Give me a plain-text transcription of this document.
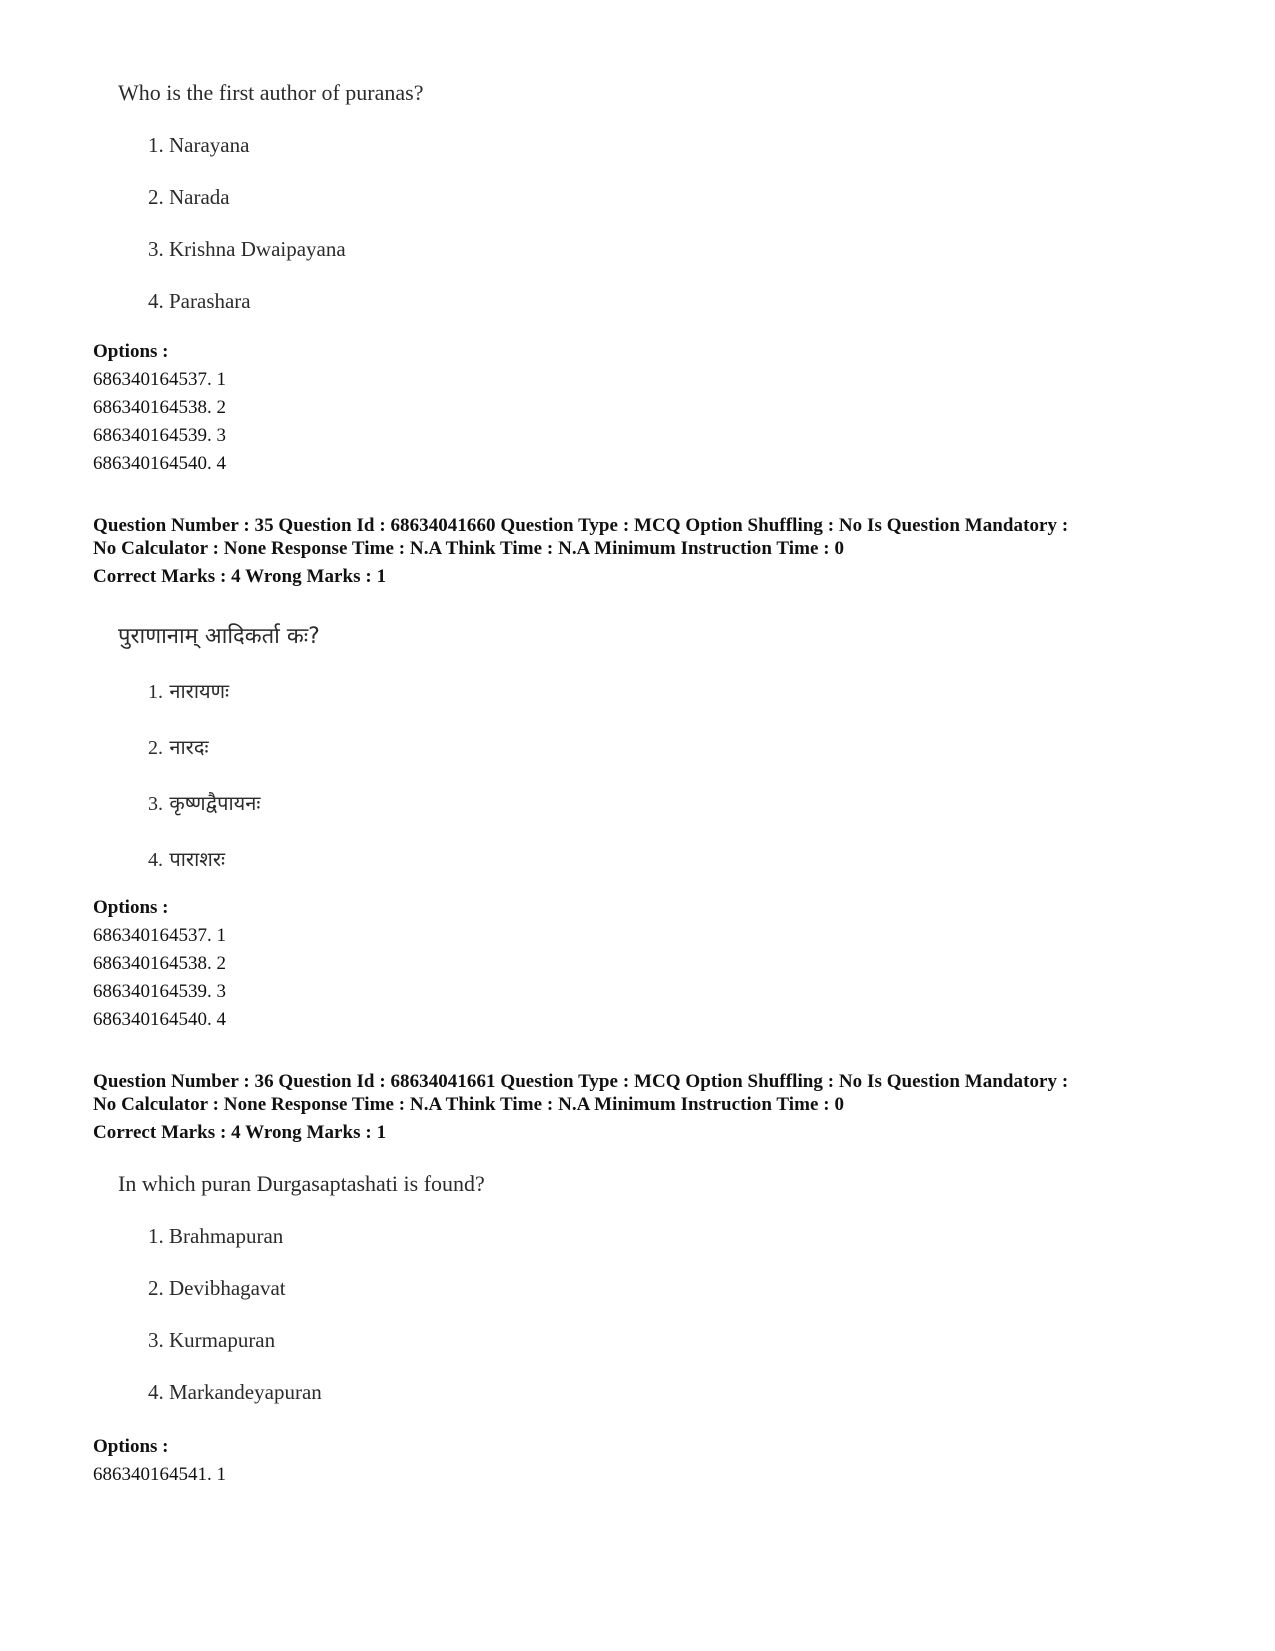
Who is the first author of puranas?
1. Narayana
2. Narada
3. Krishna Dwaipayana
4. Parashara
Options :
686340164537. 1
686340164538. 2
686340164539. 3
686340164540. 4
Question Number : 35 Question Id : 68634041660 Question Type : MCQ Option Shuffling : No Is Question Mandatory :
No Calculator : None Response Time : N.A Think Time : N.A Minimum Instruction Time : 0
Correct Marks : 4 Wrong Marks : 1
पुराणानाम् आदिकर्ता कः?
1. नारायणः
2. नारदः
3. कृष्णद्वैपायनः
4. पाराशरः
Options :
686340164537. 1
686340164538. 2
686340164539. 3
686340164540. 4
Question Number : 36 Question Id : 68634041661 Question Type : MCQ Option Shuffling : No Is Question Mandatory :
No Calculator : None Response Time : N.A Think Time : N.A Minimum Instruction Time : 0
Correct Marks : 4 Wrong Marks : 1
In which puran Durgasaptashati is found?
1. Brahmapuran
2. Devibhagavat
3. Kurmapuran
4. Markandeyapuran
Options :
686340164541. 1
